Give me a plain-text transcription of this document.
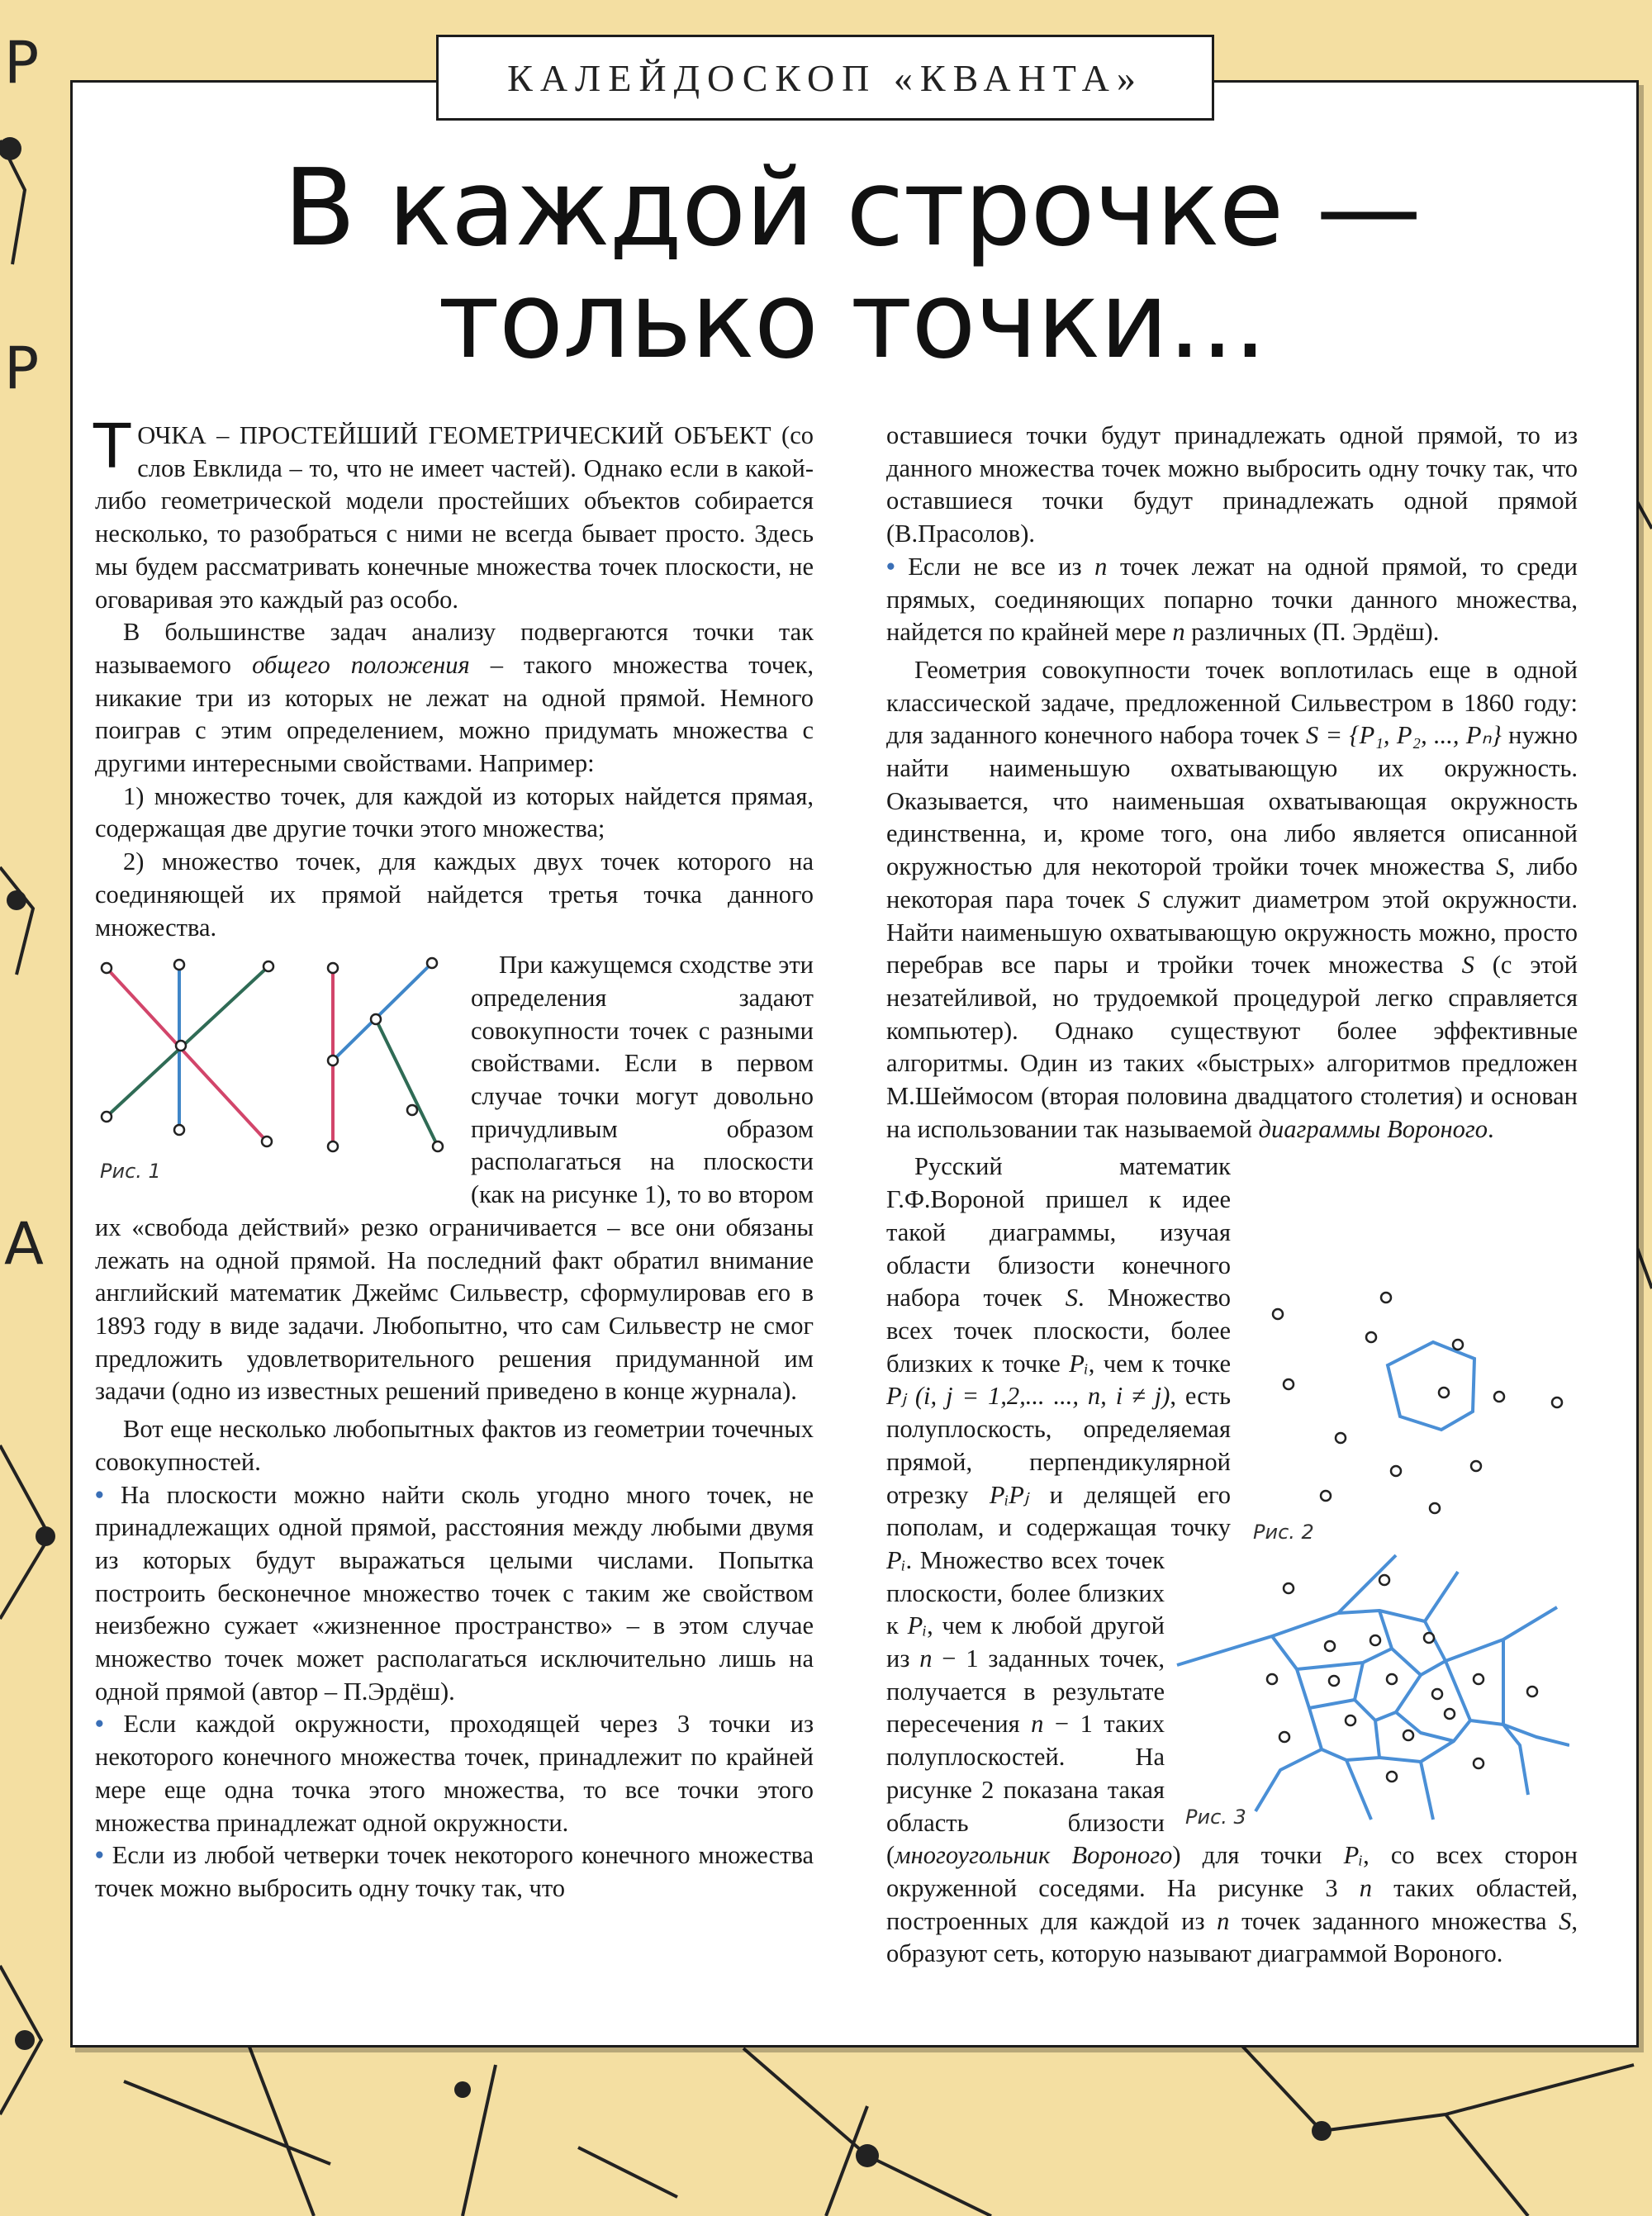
P
P
A
КАЛЕЙДОСКОП «КВАНТА»
В каждой строчке —
только точки...

ТОЧКА – ПРОСТЕЙШИЙ ГЕОМЕТРИЧЕСКИЙ ОБЪЕКТ (со слов Евклида – то, что не имеет частей). Однако если в какой-либо геометрической модели простейших объектов собирается несколько, то разобраться с ними не всегда бывает просто. Здесь мы будем рассматривать конечные множества точек плоскости, не оговаривая это каждый раз особо.

В большинстве задач анализу подвергаются точки так называемого общего положения – такого множества точек, никакие три из которых не лежат на одной прямой. Немного поиграв с этим определением, можно придумать множества с другими интересными свойствами. Например:

1) множество точек, для каждой из которых найдется прямая, содержащая две другие точки этого множества;

2) множество точек, для каждых двух точек которого на соединяющей их прямой найдется третья точка данного множества.

При кажущемся сходстве эти определения задают совокупности точек с разными свойствами. Если в первом случае точки могут довольно причудливым образом располагаться на плоскости (как на рисунке 1), то во втором их «свобода действий» резко ограничивается – все они обязаны лежать на одной прямой. На последний факт обратил внимание английский математик Джеймс Сильвестр, сформулировав его в 1893 году в виде задачи. Любопытно, что сам Сильвестр не смог предложить удовлетворительного решения придуманной им задачи (одно из известных решений приведено в конце журнала).

Вот еще несколько любопытных фактов из геометрии точечных совокупностей.

• На плоскости можно найти сколь угодно много точек, не принадлежащих одной прямой, расстояния между любыми двумя из которых будут выражаться целыми числами. Попытка построить бесконечное множество точек с таким же свойством неизбежно сужает «жизненное пространство» – в этом случае множество точек может располагаться исключительно лишь на одной прямой (автор – П.Эрдёш).

• Если каждой окружности, проходящей через 3 точки из некоторого конечного множества точек, принадлежит по крайней мере еще одна точка этого множества, то все точки этого множества принадлежат одной окружности.

• Если из любой четверки точек некоторого конечного множества точек можно выбросить одну точку так, что

Рис. 1

оставшиеся точки будут принадлежать одной прямой, то из данного множества точек можно выбросить одну точку так, что оставшиеся точки будут принадлежать одной прямой (В.Прасолов).

• Если не все из n точек лежат на одной прямой, то среди прямых, соединяющих попарно точки данного множества, найдется по крайней мере n различных (П. Эрдёш).

Геометрия совокупности точек воплотилась еще в одной классической задаче, предложенной Сильвестром в 1860 году: для заданного конечного набора точек S = {P₁, P₂, ..., Pₙ} нужно найти наименьшую охватывающую их окружность. Оказывается, что наименьшая охватывающая окружность единственна, и, кроме того, она либо является описанной окружностью для некоторой тройки точек множества S, либо некоторая пара точек S служит диаметром этой окружности. Найти наименьшую охватывающую окружность можно, просто перебрав все пары и тройки точек множества S (с этой незатейливой, но трудоемкой процедурой легко справляется компьютер). Однако существуют более эффективные алгоритмы. Один из таких «быстрых» алгоритмов предложен М.Шеймосом (вторая половина двадцатого столетия) и основан на использовании так называемой диаграммы Вороного.

Русский математик Г.Ф.Вороной пришел к идее такой диаграммы, изучая области близости конечного набора точек S. Множество всех точек плоскости, более близких к точке Pᵢ, чем к точке Pⱼ (i, j = 1,2,... ..., n, i ≠ j), есть полуплоскость, определяемая прямой, перпендикулярной отрезку PᵢPⱼ и делящей его пополам, и содержащая точку Pᵢ. Множество всех точек плоскости, более близких к Pᵢ, чем к любой другой из n − 1 заданных точек, получается в результате пересечения n − 1 таких полуплоскостей. На рисунке 2 показана такая область близости (многоугольник Вороного) для точки Pᵢ, со всех сторон окруженной соседями. На рисунке 3 n таких областей, построенных для каждой из n точек заданного множества S, образуют сеть, которую называют диаграммой Вороного.

Рис. 2
Рис. 3
